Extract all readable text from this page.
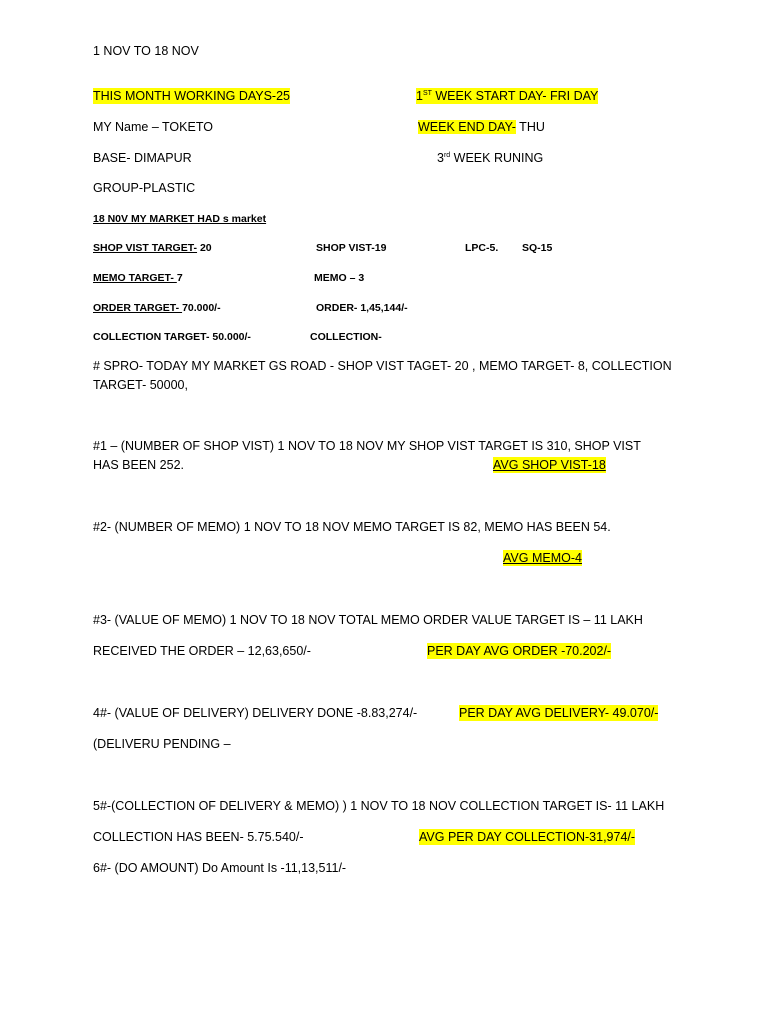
1 NOV TO 18 NOV
THIS MONTH WORKING DAYS-25	1ST WEEK START DAY- FRI DAY
MY Name – TOKETO	WEEK END DAY- THU
BASE- DIMAPUR	3rd WEEK RUNING
GROUP-PLASTIC
18 N0V MY MARKET HAD s market
SHOP VIST TARGET- 20	SHOP VIST-19	LPC-5. SQ-15
MEMO TARGET- 7	MEMO – 3
ORDER TARGET- 70.000/-	ORDER- 1,45,144/-
COLLECTION TARGET- 50.000/-	COLLECTION-
# SPRO- TODAY MY MARKET GS ROAD - SHOP VIST TAGET- 20 , MEMO TARGET- 8, COLLECTION
TARGET- 50000,
#1 – (NUMBER OF SHOP VIST) 1 NOV TO 18 NOV MY SHOP VIST TARGET IS 310, SHOP VIST
HAS BEEN 252.	AVG SHOP VIST-18
#2- (NUMBER OF MEMO) 1 NOV TO 18 NOV MEMO TARGET IS 82, MEMO HAS BEEN 54.
AVG MEMO-4
#3- (VALUE OF MEMO) 1 NOV TO 18 NOV TOTAL MEMO ORDER VALUE TARGET IS – 11 LAKH
RECEIVED THE ORDER – 12,63,650/-	PER DAY AVG ORDER -70.202/-
4#- (VALUE OF DELIVERY) DELIVERY DONE -8.83,274/-	PER DAY AVG DELIVERY- 49.070/-
(DELIVERU PENDING –
5#-(COLLECTION OF DELIVERY & MEMO) ) 1 NOV TO 18 NOV COLLECTION TARGET IS- 11 LAKH
COLLECTION HAS BEEN- 5.75.540/-	AVG PER DAY COLLECTION-31,974/-
6#- (DO AMOUNT) Do Amount Is -11,13,511/-
